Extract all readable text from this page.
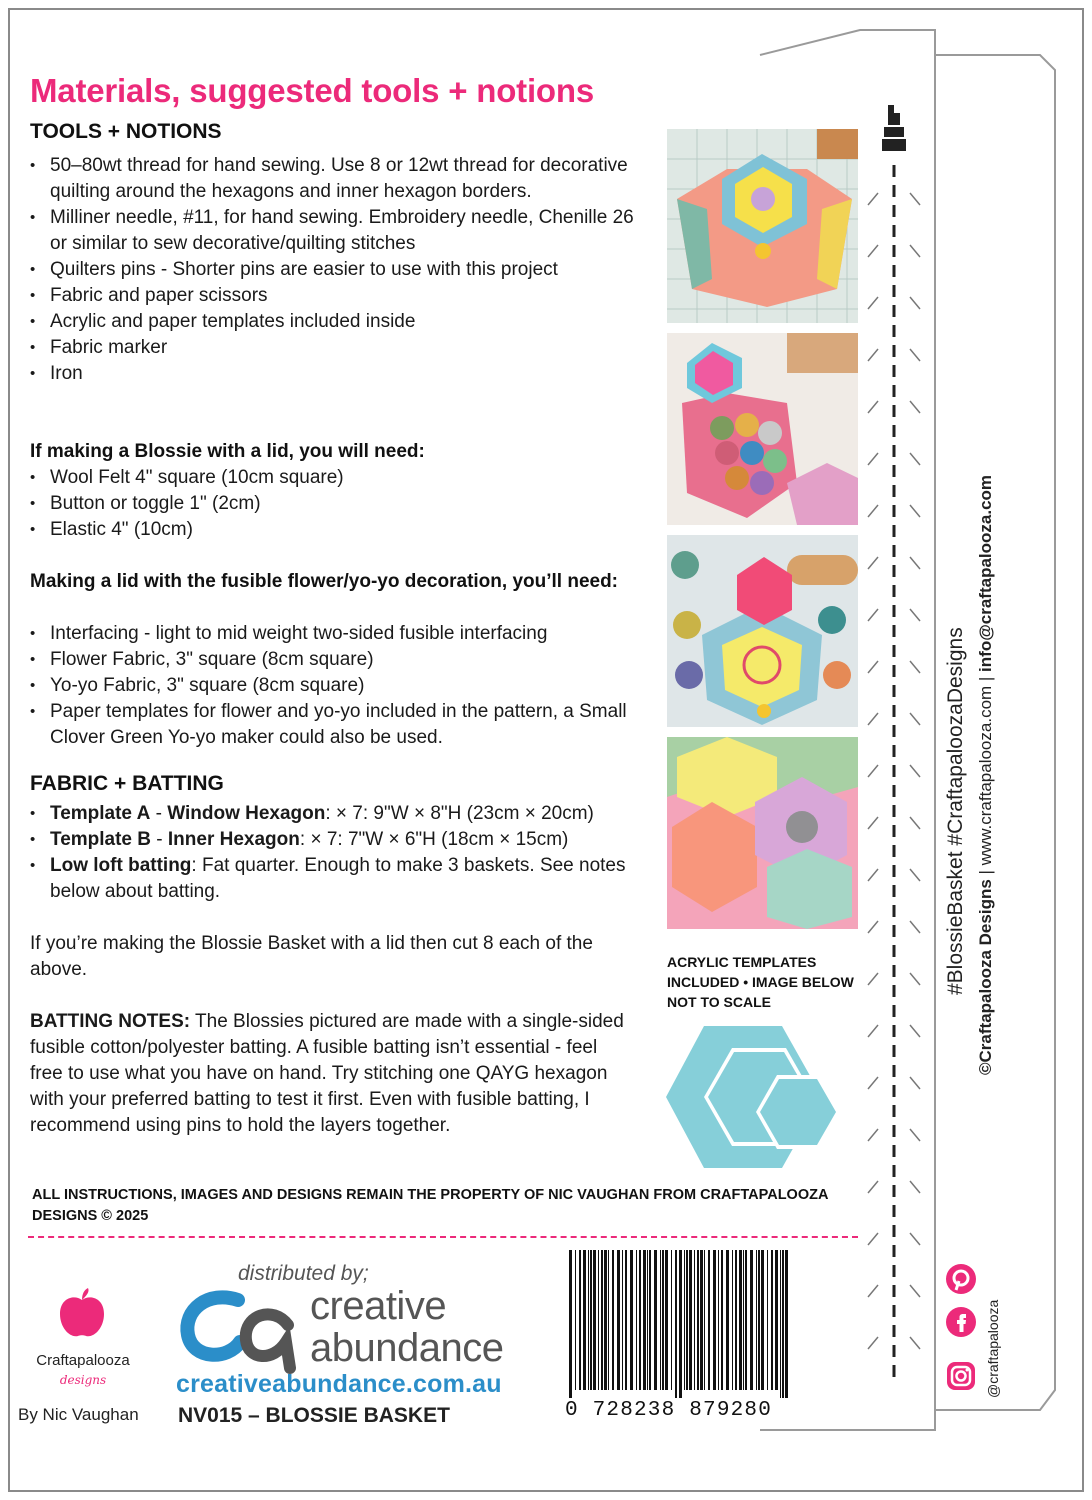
Materials, suggested tools + notions
TOOLS + NOTIONS
• 50–80wt thread for hand sewing. Use 8 or 12wt thread for decorative quilting around the hexagons and inner hexagon borders.
• Milliner needle, #11, for hand sewing. Embroidery needle, Chenille 26 or similar to sew decorative/quilting stitches
• Quilters pins - Shorter pins are easier to use with this project
• Fabric and paper scissors
• Acrylic and paper templates included inside
• Fabric marker
• Iron
If making a Blossie with a lid, you will need:
• Wool Felt 4" square (10cm square)
• Button or toggle 1" (2cm)
• Elastic 4" (10cm)
Making a lid with the fusible flower/yo-yo decoration, you’ll need:
• Interfacing - light to mid weight two-sided fusible interfacing
• Flower Fabric, 3" square (8cm square)
• Yo-yo Fabric, 3" square (8cm square)
• Paper templates for flower and yo-yo included in the pattern, a Small Clover Green Yo-yo maker could also be used.
FABRIC + BATTING
• Template A - Window Hexagon: × 7: 9"W × 8"H (23cm × 20cm)
• Template B - Inner Hexagon: × 7: 7"W × 6"H (18cm × 15cm)
• Low loft batting: Fat quarter. Enough to make 3 baskets. See notes below about batting.
If you’re making the Blossie Basket with a lid then cut 8 each of the above.
BATTING NOTES: The Blossies pictured are made with a single-sided fusible cotton/polyester batting. A fusible batting isn’t essential - feel free to use what you have on hand. Try stitching one QAYG hexagon with your preferred batting to test it first. Even with fusible batting, I recommend using pins to hold the layers together.
ACRYLIC TEMPLATES INCLUDED • IMAGE BELOW NOT TO SCALE
ALL INSTRUCTIONS, IMAGES AND DESIGNS REMAIN THE PROPERTY OF NIC VAUGHAN FROM CRAFTAPALOOZA DESIGNS © 2025
Craftapalooza
designs
By Nic Vaughan
distributed by;
creative
abundance
creativeabundance.com.au
NV015 – BLOSSIE BASKET	0 728238 879280
#BlossieBasket #CraftapaloozaDesigns ©Craftapalooza Designs | www.craftapalooza.com | info@craftapalooza.com
@craftapalooza
